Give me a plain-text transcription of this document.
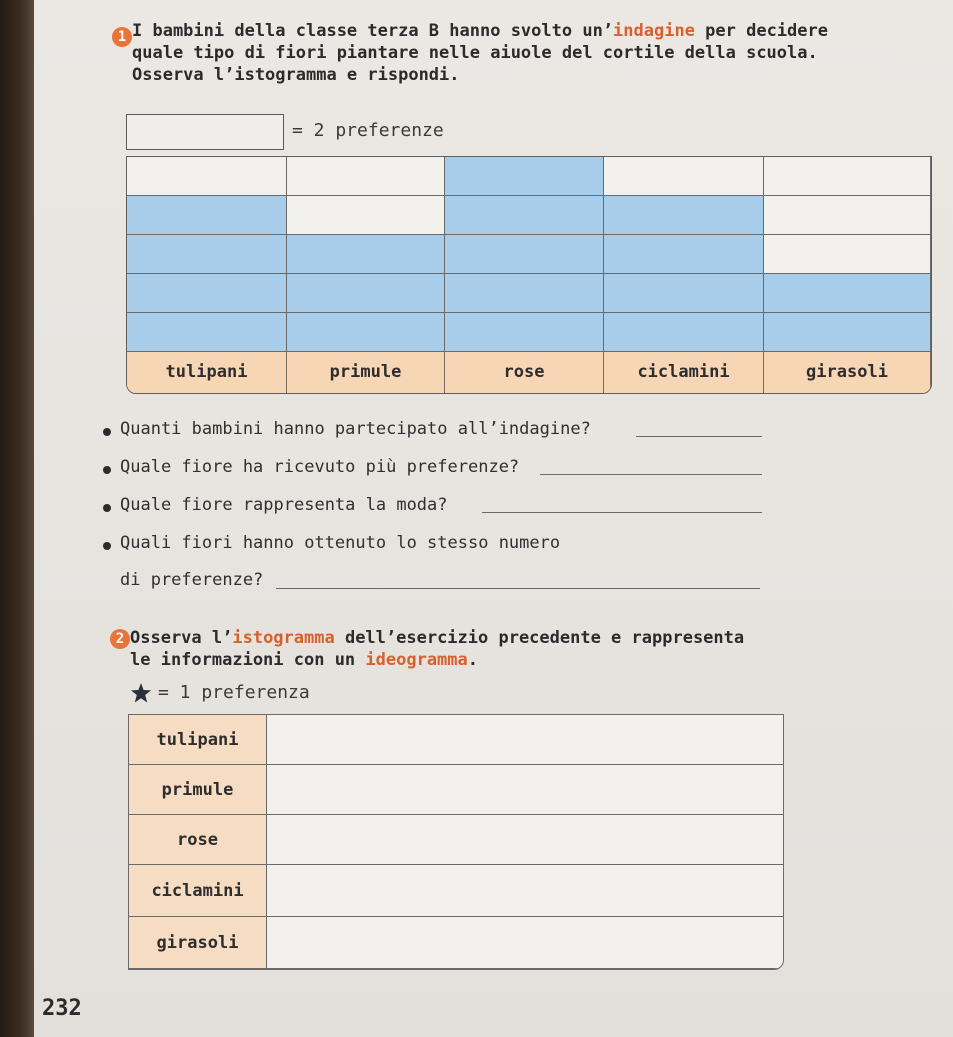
1 I bambini della classe terza B hanno svolto un’indagine per decidere
quale tipo di fiori piantare nelle aiuole del cortile della scuola.
Osserva l’istogramma e rispondi.
= 2 preferenze
tulipani	primule	rose	ciclamini	girasoli
Quanti bambini hanno partecipato all’indagine?
Quale fiore ha ricevuto più preferenze?
Quale fiore rappresenta la moda?
Quali fiori hanno ottenuto lo stesso numero
di preferenze?
2 Osserva l’istogramma dell’esercizio precedente e rappresenta
le informazioni con un ideogramma.
= 1 preferenza
tulipani
primule
rose
ciclamini
girasoli
232
